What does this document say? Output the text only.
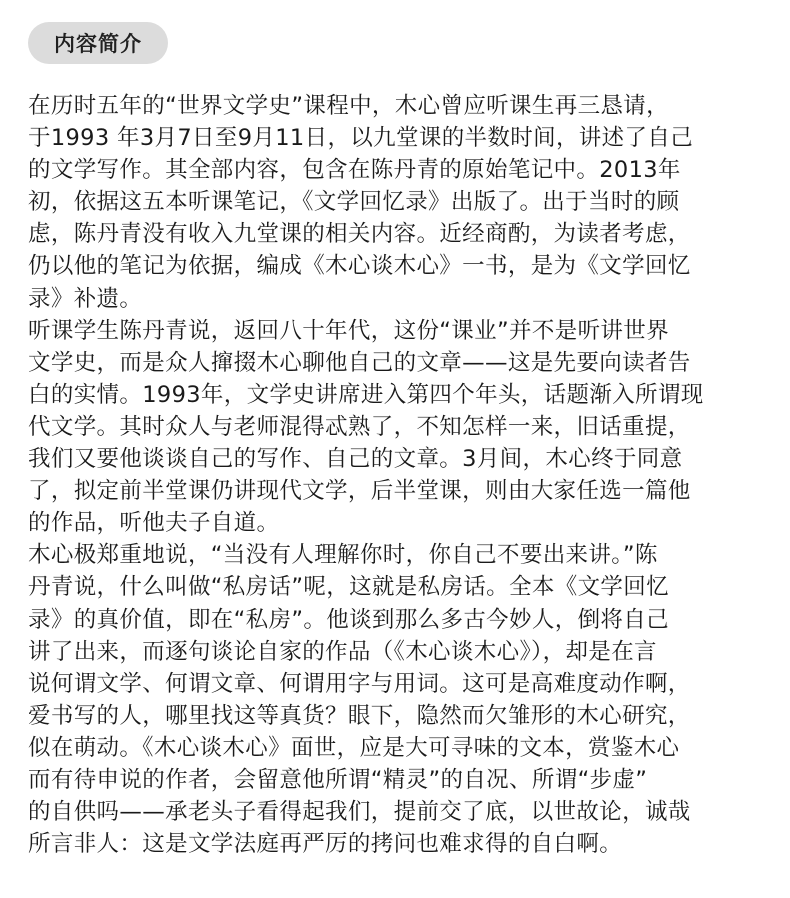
内容简介
在历时五年的“世界文学史”课程中，木心曾应听课生再三恳请，
于1993 年3月7日至9月11日，以九堂课的半数时间，讲述了自己
的文学写作。其全部内容，包含在陈丹青的原始笔记中。2013年
初，依据这五本听课笔记，《文学回忆录》出版了。出于当时的顾
虑，陈丹青没有收入九堂课的相关内容。近经商酌，为读者考虑，
仍以他的笔记为依据，编成《木心谈木心》一书，是为《文学回忆
录》补遗。
听课学生陈丹青说，返回八十年代，这份“课业”并不是听讲世界
文学史，而是众人撺掇木心聊他自己的文章——这是先要向读者告
白的实情。1993年，文学史讲席进入第四个年头，话题渐入所谓现
代文学。其时众人与老师混得忒熟了，不知怎样一来，旧话重提，
我们又要他谈谈自己的写作、自己的文章。3月间，木心终于同意
了，拟定前半堂课仍讲现代文学，后半堂课，则由大家任选一篇他
的作品，听他夫子自道。
木心极郑重地说，“当没有人理解你时，你自己不要出来讲。”陈
丹青说，什么叫做“私房话”呢，这就是私房话。全本《文学回忆
录》的真价值，即在“私房”。他谈到那么多古今妙人，倒将自己
讲了出来，而逐句谈论自家的作品（《木心谈木心》），却是在言
说何谓文学、何谓文章、何谓用字与用词。这可是高难度动作啊，
爱书写的人，哪里找这等真货？眼下，隐然而欠雏形的木心研究，
似在萌动。《木心谈木心》面世，应是大可寻味的文本，赏鉴木心
而有待申说的作者，会留意他所谓“精灵”的自况、所谓“步虚”
的自供吗——承老头子看得起我们，提前交了底，以世故论，诚哉
所言非人：这是文学法庭再严厉的拷问也难求得的自白啊。
